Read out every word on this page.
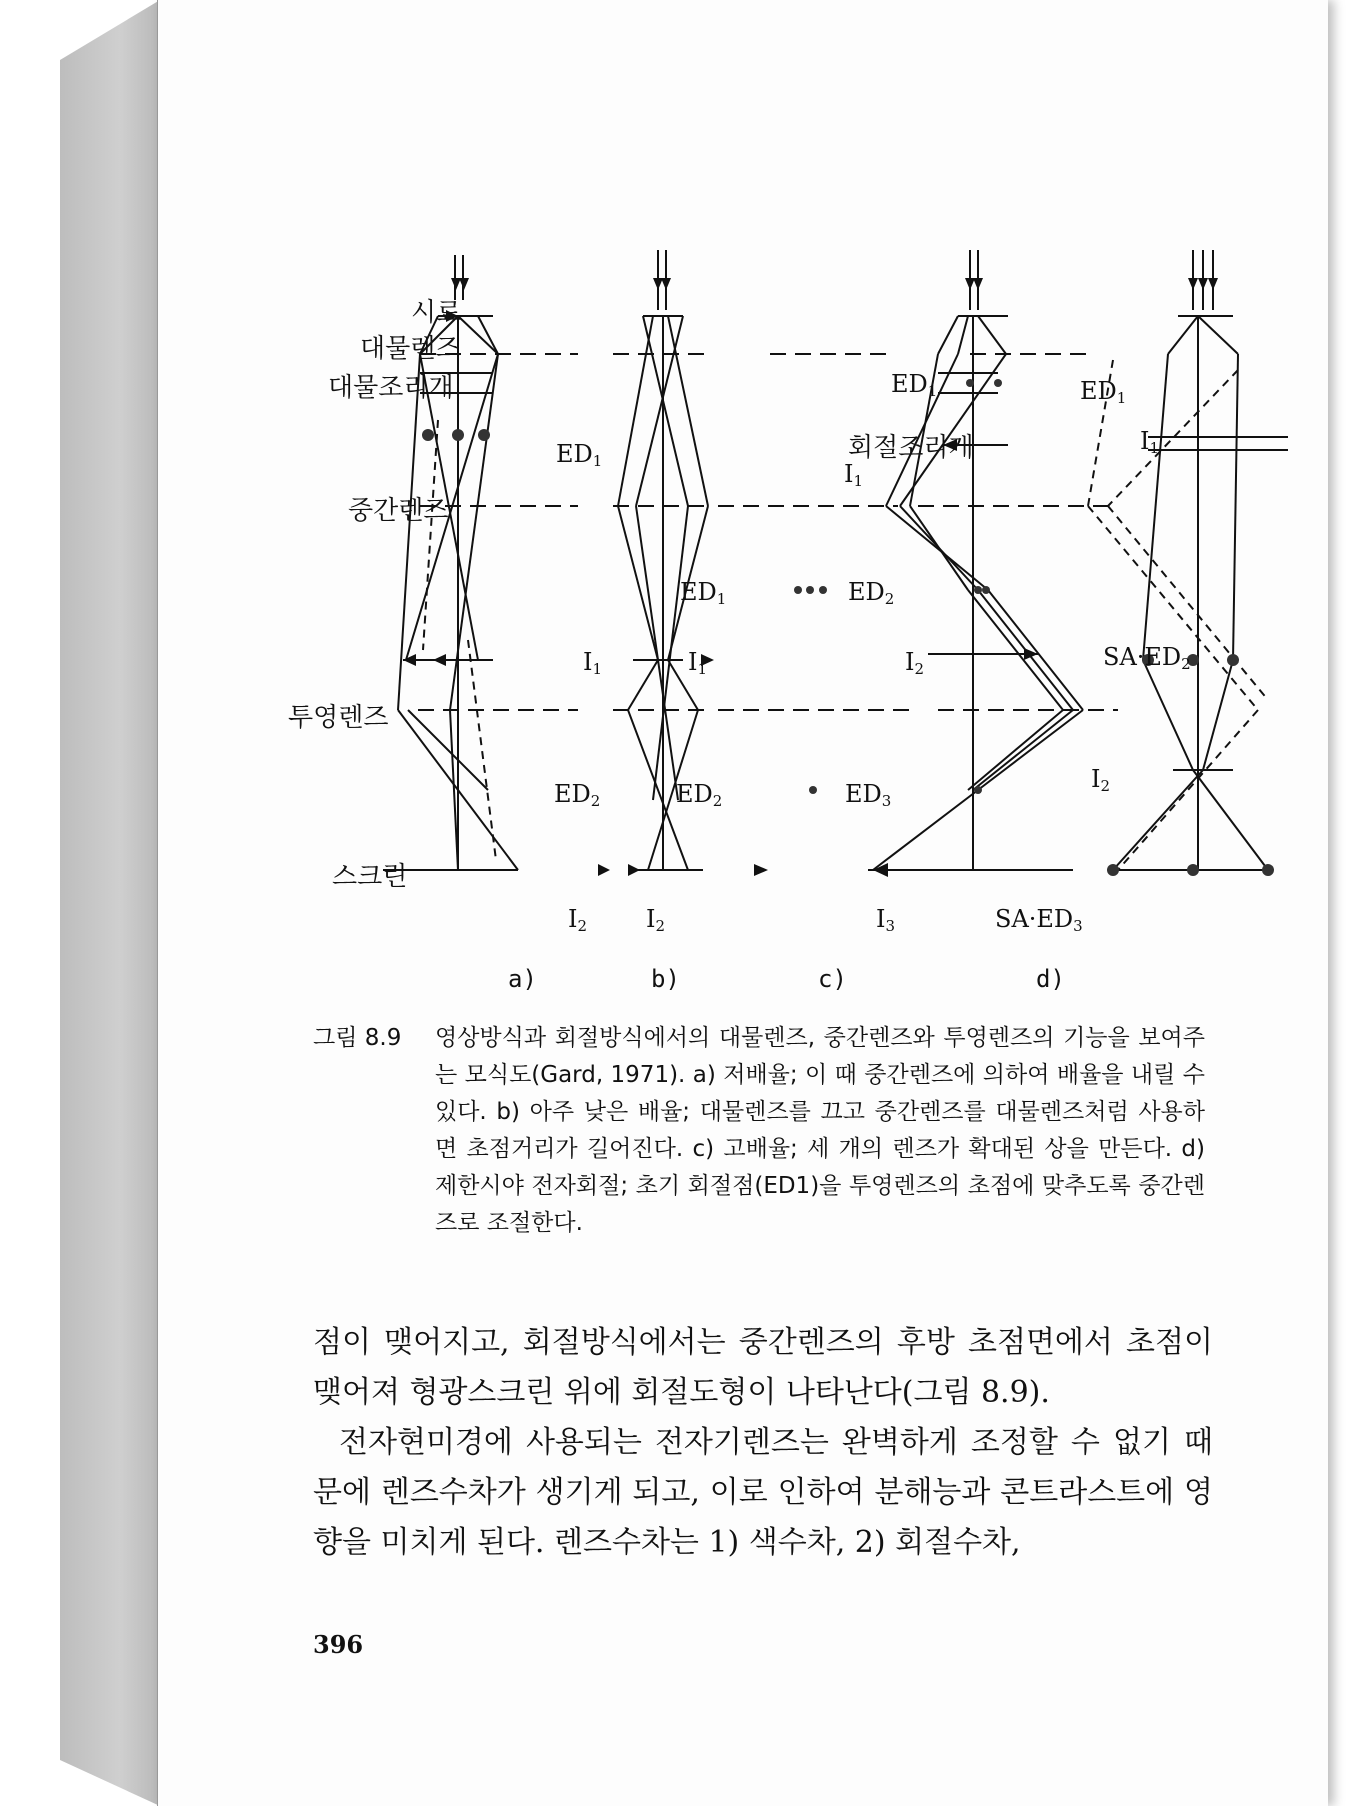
시료
대물렌즈
대물조리개
중간렌즈
투영렌즈
스크린
회절조리개
$ED_1$
$I_1$
$ED_2$
$I_2$
a)
$ED_1$
$I_1$
$ED_2$
$I_2$
b)
$ED_1$
$I_1$
$ED_2$
$I_2$
$ED_3$
$I_3$
c)
$ED_1$
$I_1$
$SA\cdot ED_2$
$I_2$
$SA\cdot ED_3$
d)
그림 8.9 영상방식과 회절방식에서의 대물렌즈, 중간렌즈와 투영렌즈의 기능을 보여주는 모식도(Gard, 1971). a) 저배율; 이 때 중간렌즈에 의하여 배율을 내릴 수 있다. b) 아주 낮은 배율; 대물렌즈를 끄고 중간렌즈를 대물렌즈처럼 사용하면 초점거리가 길어진다. c) 고배율; 세 개의 렌즈가 확대된 상을 만든다. d) 제한시야 전자회절; 초기 회절점(ED1)을 투영렌즈의 초점에 맞추도록 중간렌즈로 조절한다.

점이 맺어지고, 회절방식에서는 중간렌즈의 후방 초점면에서 초점이 맺어져 형광스크린 위에 회절도형이 나타난다(그림 8.9).

전자현미경에 사용되는 전자기렌즈는 완벽하게 조정할 수 없기 때문에 렌즈수차가 생기게 되고, 이로 인하여 분해능과 콘트라스트에 영향을 미치게 된다. 렌즈수차는 1) 색수차, 2) 회절수차,

396
